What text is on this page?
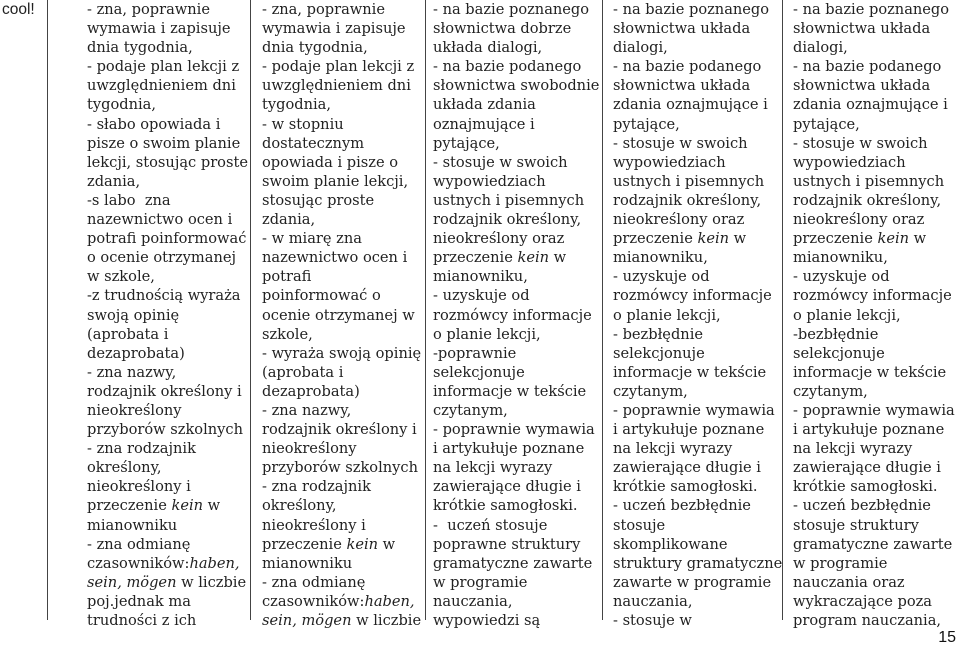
cool!	- zna, poprawnie
wymawia i zapisuje
dnia tygodnia,
- podaje plan lekcji z
uwzględnieniem dni
tygodnia,
- słabo opowiada i
pisze o swoim planie
lekcji, stosując proste
zdania,
-s labo  zna
nazewnictwo ocen i
potrafi poinformować
o ocenie otrzymanej
w szkole,
-z trudnością wyraża
swoją opinię
(aprobata i
dezaprobata)
- zna nazwy,
rodzajnik określony i
nieokreślony
przyborów szkolnych
- zna rodzajnik
określony,
nieokreślony i
przeczenie kein w
mianowniku
- zna odmianę
czasowników:haben,
sein, mögen w liczbie
poj.jednak ma
trudności z ich
- zna, poprawnie
wymawia i zapisuje
dnia tygodnia,
- podaje plan lekcji z
uwzględnieniem dni
tygodnia,
- w stopniu
dostatecznym
opowiada i pisze o
swoim planie lekcji,
stosując proste
zdania,
- w miarę zna
nazewnictwo ocen i
potrafi
poinformować o
ocenie otrzymanej w
szkole,
- wyraża swoją opinię
(aprobata i
dezaprobata)
- zna nazwy,
rodzajnik określony i
nieokreślony
przyborów szkolnych
- zna rodzajnik
określony,
nieokreślony i
przeczenie kein w
mianowniku
- zna odmianę
czasowników:haben,
sein, mögen w liczbie
- na bazie poznanego
słownictwa dobrze
układa dialogi,
- na bazie podanego
słownictwa swobodnie
układa zdania
oznajmujące i
pytające,
- stosuje w swoich
wypowiedziach
ustnych i pisemnych
rodzajnik określony,
nieokreślony oraz
przeczenie kein w
mianowniku,
- uzyskuje od
rozmówcy informacje
o planie lekcji,
-poprawnie
selekcjonuje
informacje w tekście
czytanym,
- poprawnie wymawia
i artykułuje poznane
na lekcji wyrazy
zawierające długie i
krótkie samogłoski.
-  uczeń stosuje
poprawne struktury
gramatyczne zawarte
w programie
nauczania,
wypowiedzi są
- na bazie poznanego
słownictwa układa
dialogi,
- na bazie podanego
słownictwa układa
zdania oznajmujące i
pytające,
- stosuje w swoich
wypowiedziach
ustnych i pisemnych
rodzajnik określony,
nieokreślony oraz
przeczenie kein w
mianowniku,
- uzyskuje od
rozmówcy informacje
o planie lekcji,
- bezbłędnie
selekcjonuje
informacje w tekście
czytanym,
- poprawnie wymawia
i artykułuje poznane
na lekcji wyrazy
zawierające długie i
krótkie samogłoski.
- uczeń bezbłędnie
stosuje
skomplikowane
struktury gramatyczne
zawarte w programie
nauczania,
- stosuje w
- na bazie poznanego
słownictwa układa
dialogi,
- na bazie podanego
słownictwa układa
zdania oznajmujące i
pytające,
- stosuje w swoich
wypowiedziach
ustnych i pisemnych
rodzajnik określony,
nieokreślony oraz
przeczenie kein w
mianowniku,
- uzyskuje od
rozmówcy informacje
o planie lekcji,
-bezbłędnie
selekcjonuje
informacje w tekście
czytanym,
- poprawnie wymawia
i artykułuje poznane
na lekcji wyrazy
zawierające długie i
krótkie samogłoski.
- uczeń bezbłędnie
stosuje struktury
gramatyczne zawarte
w programie
nauczania oraz
wykraczające poza
program nauczania,
15
